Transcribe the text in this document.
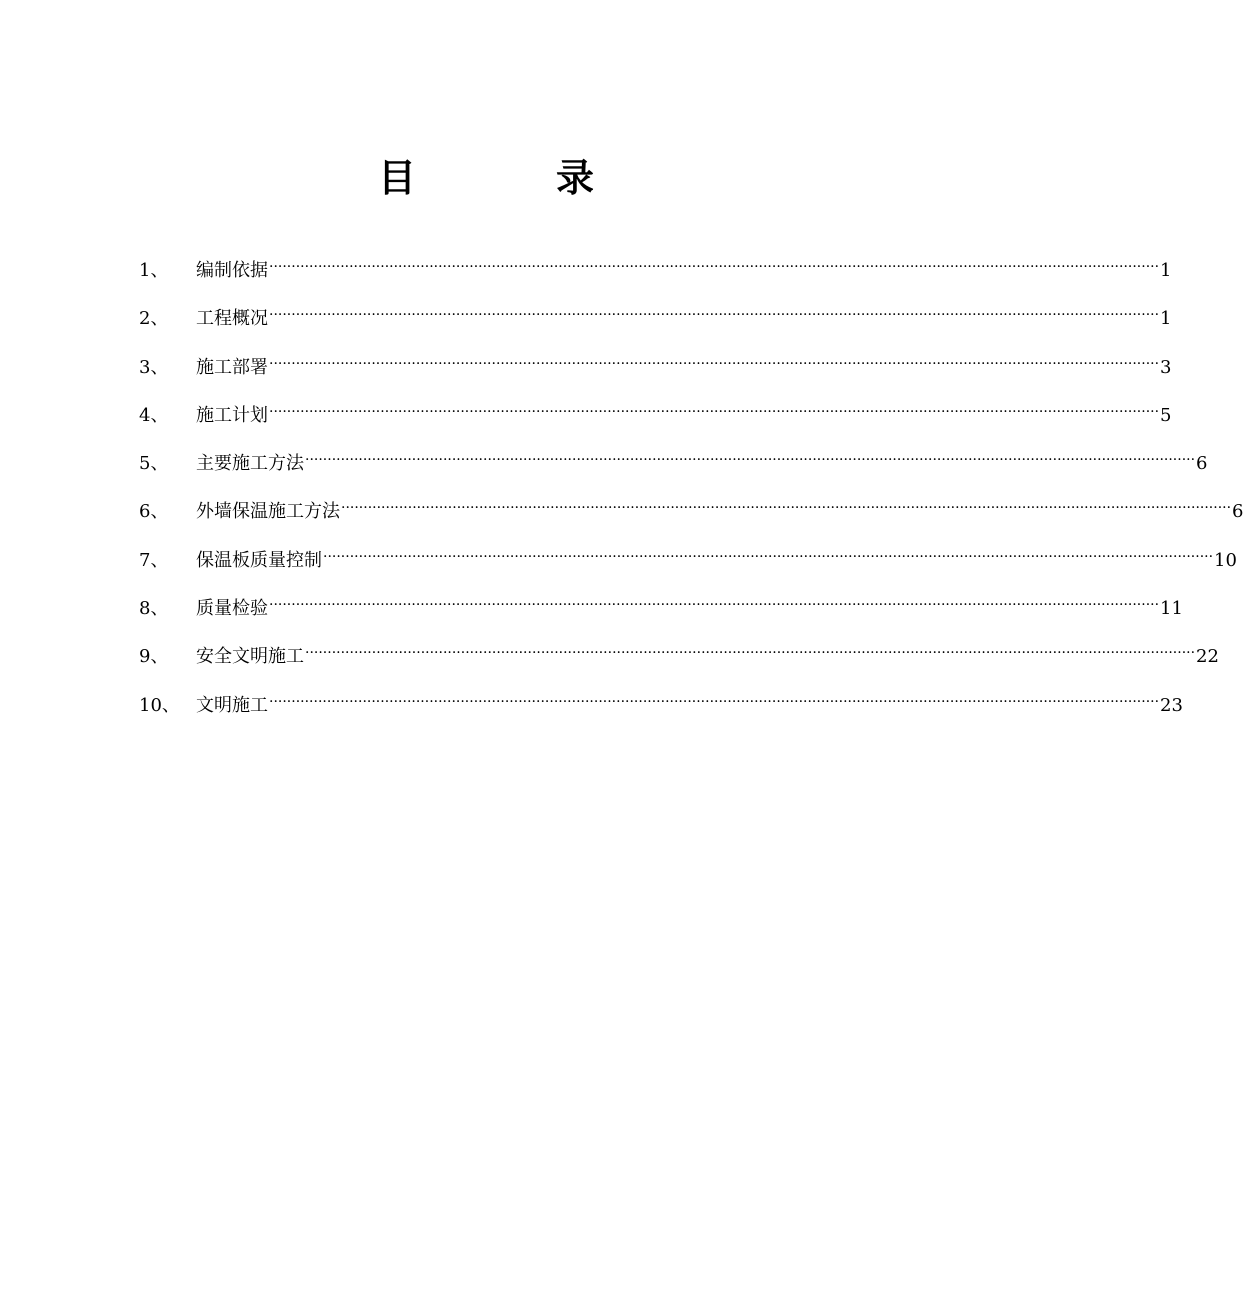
目	录
1、	编制依据 ········································································································································································································ 1
2、	工程概况 ········································································································································································································ 1
3、	施工部署 ········································································································································································································ 3
4、	施工计划 ········································································································································································································ 5
5、	主要施工方法 ········································································································································································································ 6
6、	外墙保温施工方法 ········································································································································································································ 6
7、	保温板质量控制 ········································································································································································································ 10
8、	质量检验 ········································································································································································································ 11
9、	安全文明施工 ········································································································································································································ 22
10、 文明施工 ········································································································································································································ 23
